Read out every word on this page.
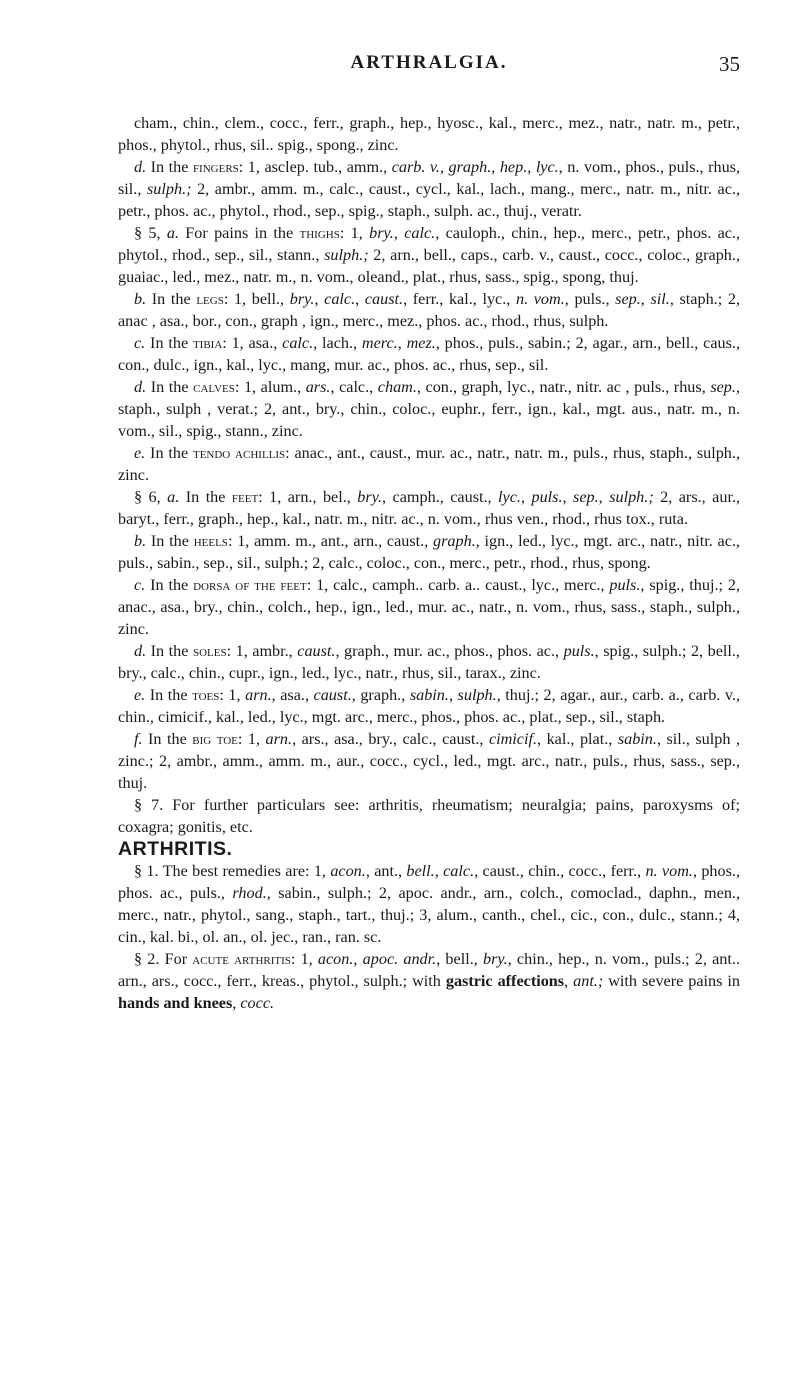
ARTHRALGIA.	35

cham., chin., clem., cocc., ferr., graph., hep., hyosc., kal., merc., mez., natr., natr. m., petr., phos., phytol., rhus, sil.. spig., spong., zinc.

d. In the fingers: 1, asclep. tub., amm., carb. v., graph., hep., lyc., n. vom., phos., puls., rhus, sil., sulph.; 2, ambr., amm. m., calc., caust., cycl., kal., lach., mang., merc., natr. m., nitr. ac., petr., phos. ac., phytol., rhod., sep., spig., staph., sulph. ac., thuj., veratr.

§ 5, a. For pains in the thighs: 1, bry., calc., cauloph., chin., hep., merc., petr., phos. ac., phytol., rhod., sep., sil., stann., sulph.; 2, arn., bell., caps., carb. v., caust., cocc., coloc., graph., guaiac., led., mez., natr. m., n. vom., oleand., plat., rhus, sass., spig., spong, thuj.

b. In the legs: 1, bell., bry., calc., caust., ferr., kal., lyc., n. vom., puls., sep., sil., staph.; 2, anac , asa., bor., con., graph , ign., merc., mez., phos. ac., rhod., rhus, sulph.

c. In the tibia: 1, asa., calc., lach., merc., mez., phos., puls., sabin.; 2, agar., arn., bell., caus., con., dulc., ign., kal., lyc., mang, mur. ac., phos. ac., rhus, sep., sil.

d. In the calves: 1, alum., ars., calc., cham., con., graph, lyc., natr., nitr. ac , puls., rhus, sep., staph., sulph , verat.; 2, ant., bry., chin., coloc., euphr., ferr., ign., kal., mgt. aus., natr. m., n. vom., sil., spig., stann., zinc.

e. In the tendo achillis: anac., ant., caust., mur. ac., natr., natr. m., puls., rhus, staph., sulph., zinc.

§ 6, a. In the feet: 1, arn., bel., bry., camph., caust., lyc., puls., sep., sulph.; 2, ars., aur., baryt., ferr., graph., hep., kal., natr. m., nitr. ac., n. vom., rhus ven., rhod., rhus tox., ruta.

b. In the heels: 1, amm. m., ant., arn., caust., graph., ign., led., lyc., mgt. arc., natr., nitr. ac., puls., sabin., sep., sil., sulph.; 2, calc., coloc., con., merc., petr., rhod., rhus, spong.

c. In the dorsa of the feet: 1, calc., camph.. carb. a.. caust., lyc., merc., puls., spig., thuj.; 2, anac., asa., bry., chin., colch., hep., ign., led., mur. ac., natr., n. vom., rhus, sass., staph., sulph., zinc.

d. In the soles: 1, ambr., caust., graph., mur. ac., phos., phos. ac., puls., spig., sulph.; 2, bell., bry., calc., chin., cupr., ign., led., lyc., natr., rhus, sil., tarax., zinc.

e. In the toes: 1, arn., asa., caust., graph., sabin., sulph., thuj.; 2, agar., aur., carb. a., carb. v., chin., cimicif., kal., led., lyc., mgt. arc., merc., phos., phos. ac., plat., sep., sil., staph.

f. In the big toe: 1, arn., ars., asa., bry., calc., caust., cimicif., kal., plat., sabin., sil., sulph , zinc.; 2, ambr., amm., amm. m., aur., cocc., cycl., led., mgt. arc., natr., puls., rhus, sass., sep., thuj.

§ 7. For further particulars see: arthritis, rheumatism; neuralgia; pains, paroxysms of; coxagra; gonitis, etc.

ARTHRITIS.

§ 1. The best remedies are: 1, acon., ant., bell., calc., caust., chin., cocc., ferr., n. vom., phos., phos. ac., puls., rhod., sabin., sulph.; 2, apoc. andr., arn., colch., comoclad., daphn., men., merc., natr., phytol., sang., staph., tart., thuj.; 3, alum., canth., chel., cic., con., dulc., stann.; 4, cin., kal. bi., ol. an., ol. jec., ran., ran. sc.

§ 2. For acute arthritis: 1, acon., apoc. andr., bell., bry., chin., hep., n. vom., puls.; 2, ant.. arn., ars., cocc., ferr., kreas., phytol., sulph.; with gastric affections, ant.; with severe pains in hands and knees, cocc.
